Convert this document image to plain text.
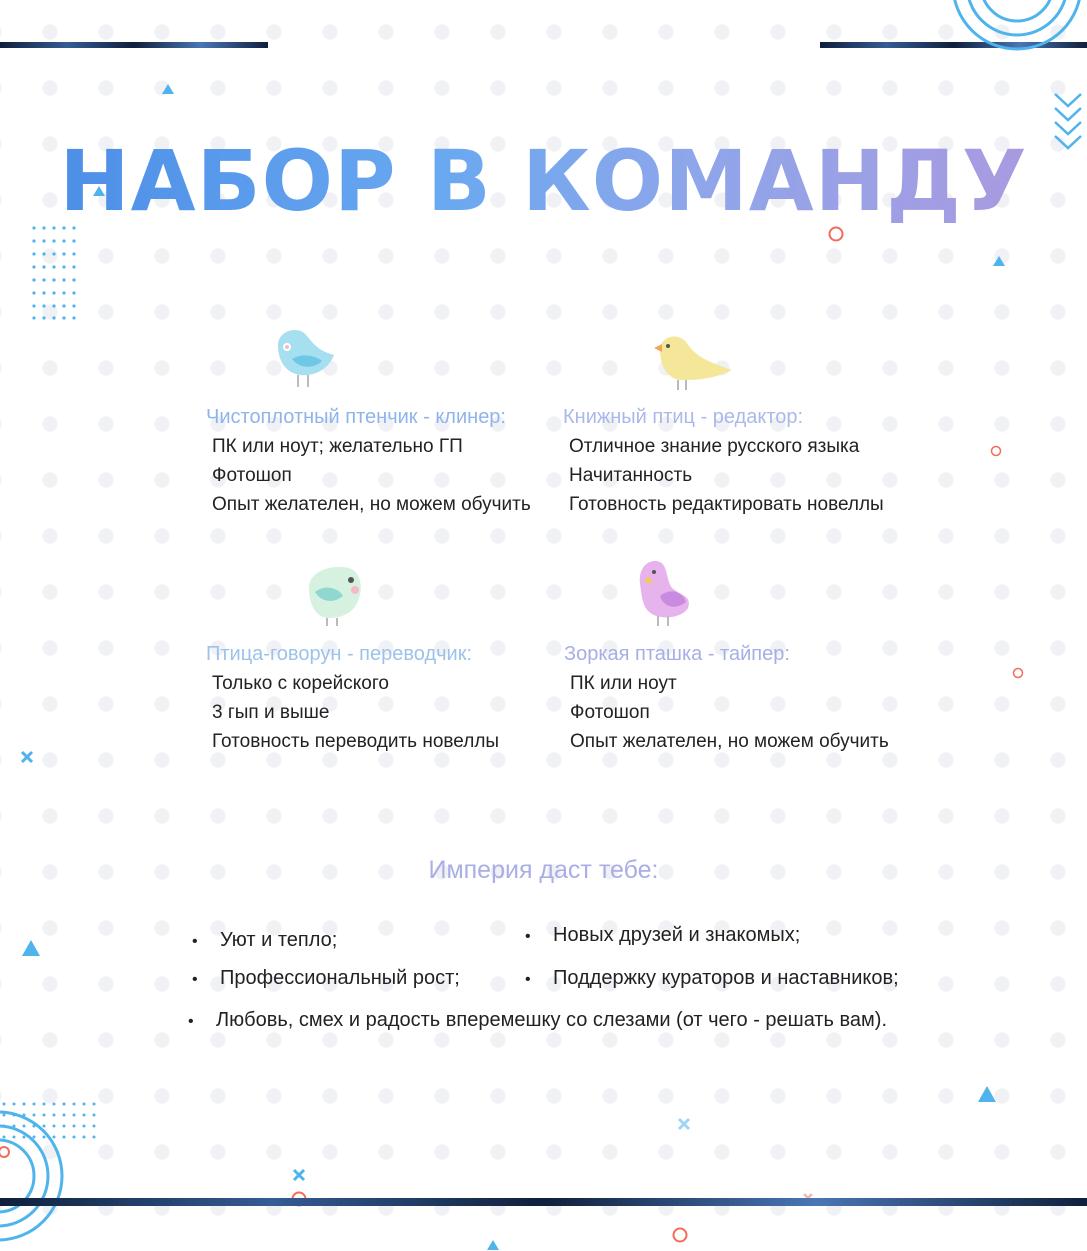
НАБОР В КОМАНДУ
Чистоплотный птенчик - клинер:
ПК или ноут; желательно ГП
Фотошоп
Опыт желателен, но можем обучить
Книжный птиц - редактор:
Отличное знание русского языка
Начитанность
Готовность редактировать новеллы
Птица-говорун - переводчик:
Только с корейского
3 гып и выше
Готовность переводить новеллы
Зоркая пташка - тайпер:
ПК или ноут
Фотошоп
Опыт желателен, но можем обучить
Империя даст тебе:
• Уют и тепло;	• Новых друзей и знакомых;
• Профессиональный рост;	• Поддержку кураторов и наставников;
• Любовь, смех и радость вперемешку со слезами (от чего - решать вам).
